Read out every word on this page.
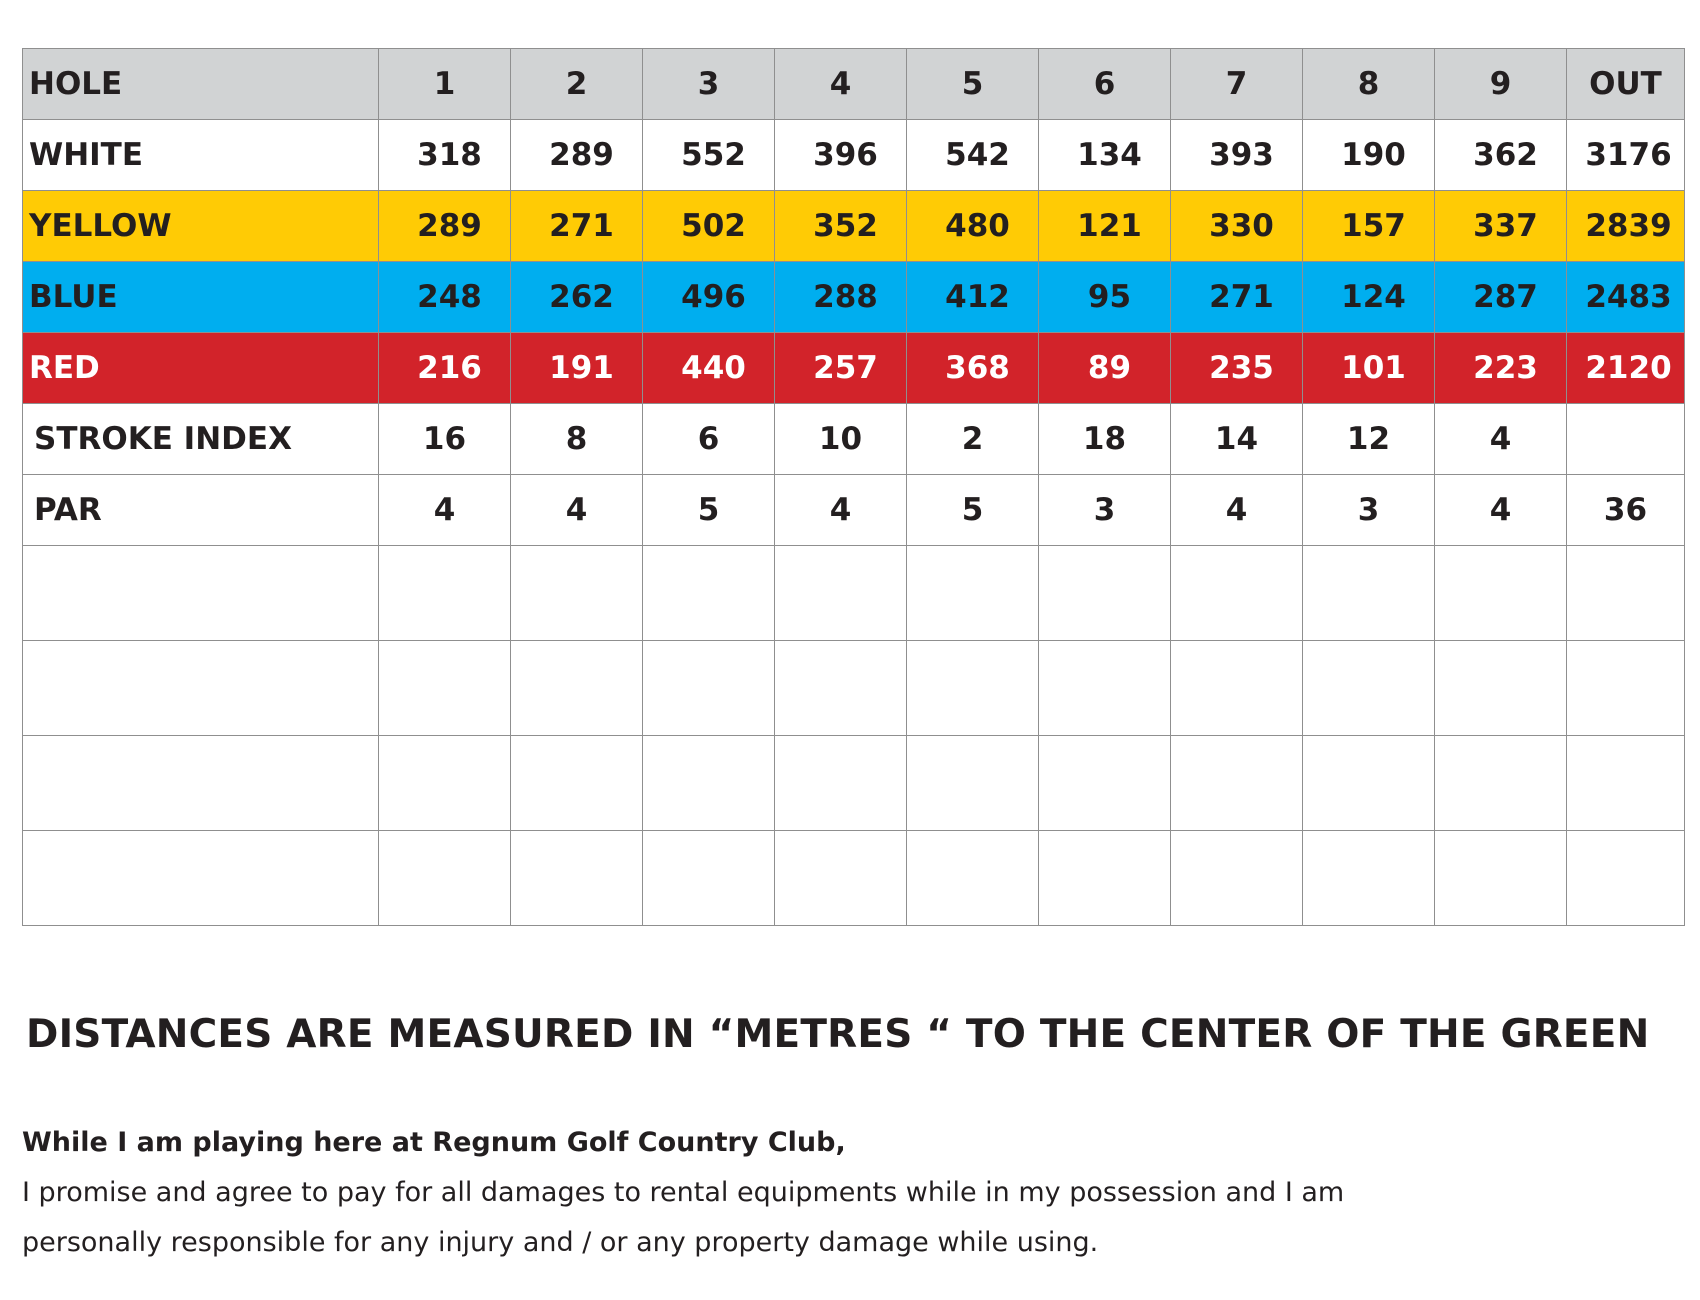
HOLE	1	2	3	4	5	6	7	8	9	OUT
WHITE	318	289	552	396	542	134	393	190	362	3176
YELLOW	289	271	502	352	480	121	330	157	337	2839
BLUE	248	262	496	288	412	95	271	124	287	2483
RED	216	191	440	257	368	89	235	101	223	2120
STROKE INDEX	16	8	6	10	2	18	14	12	4	
PAR	4	4	5	4	5	3	4	3	4	36

DISTANCES ARE MEASURED IN “METRES “ TO THE CENTER OF THE GREEN

While I am playing here at Regnum Golf Country Club,
I promise and agree to pay for all damages to rental equipments while in my possession and I am
personally responsible for any injury and / or any property damage while using.
